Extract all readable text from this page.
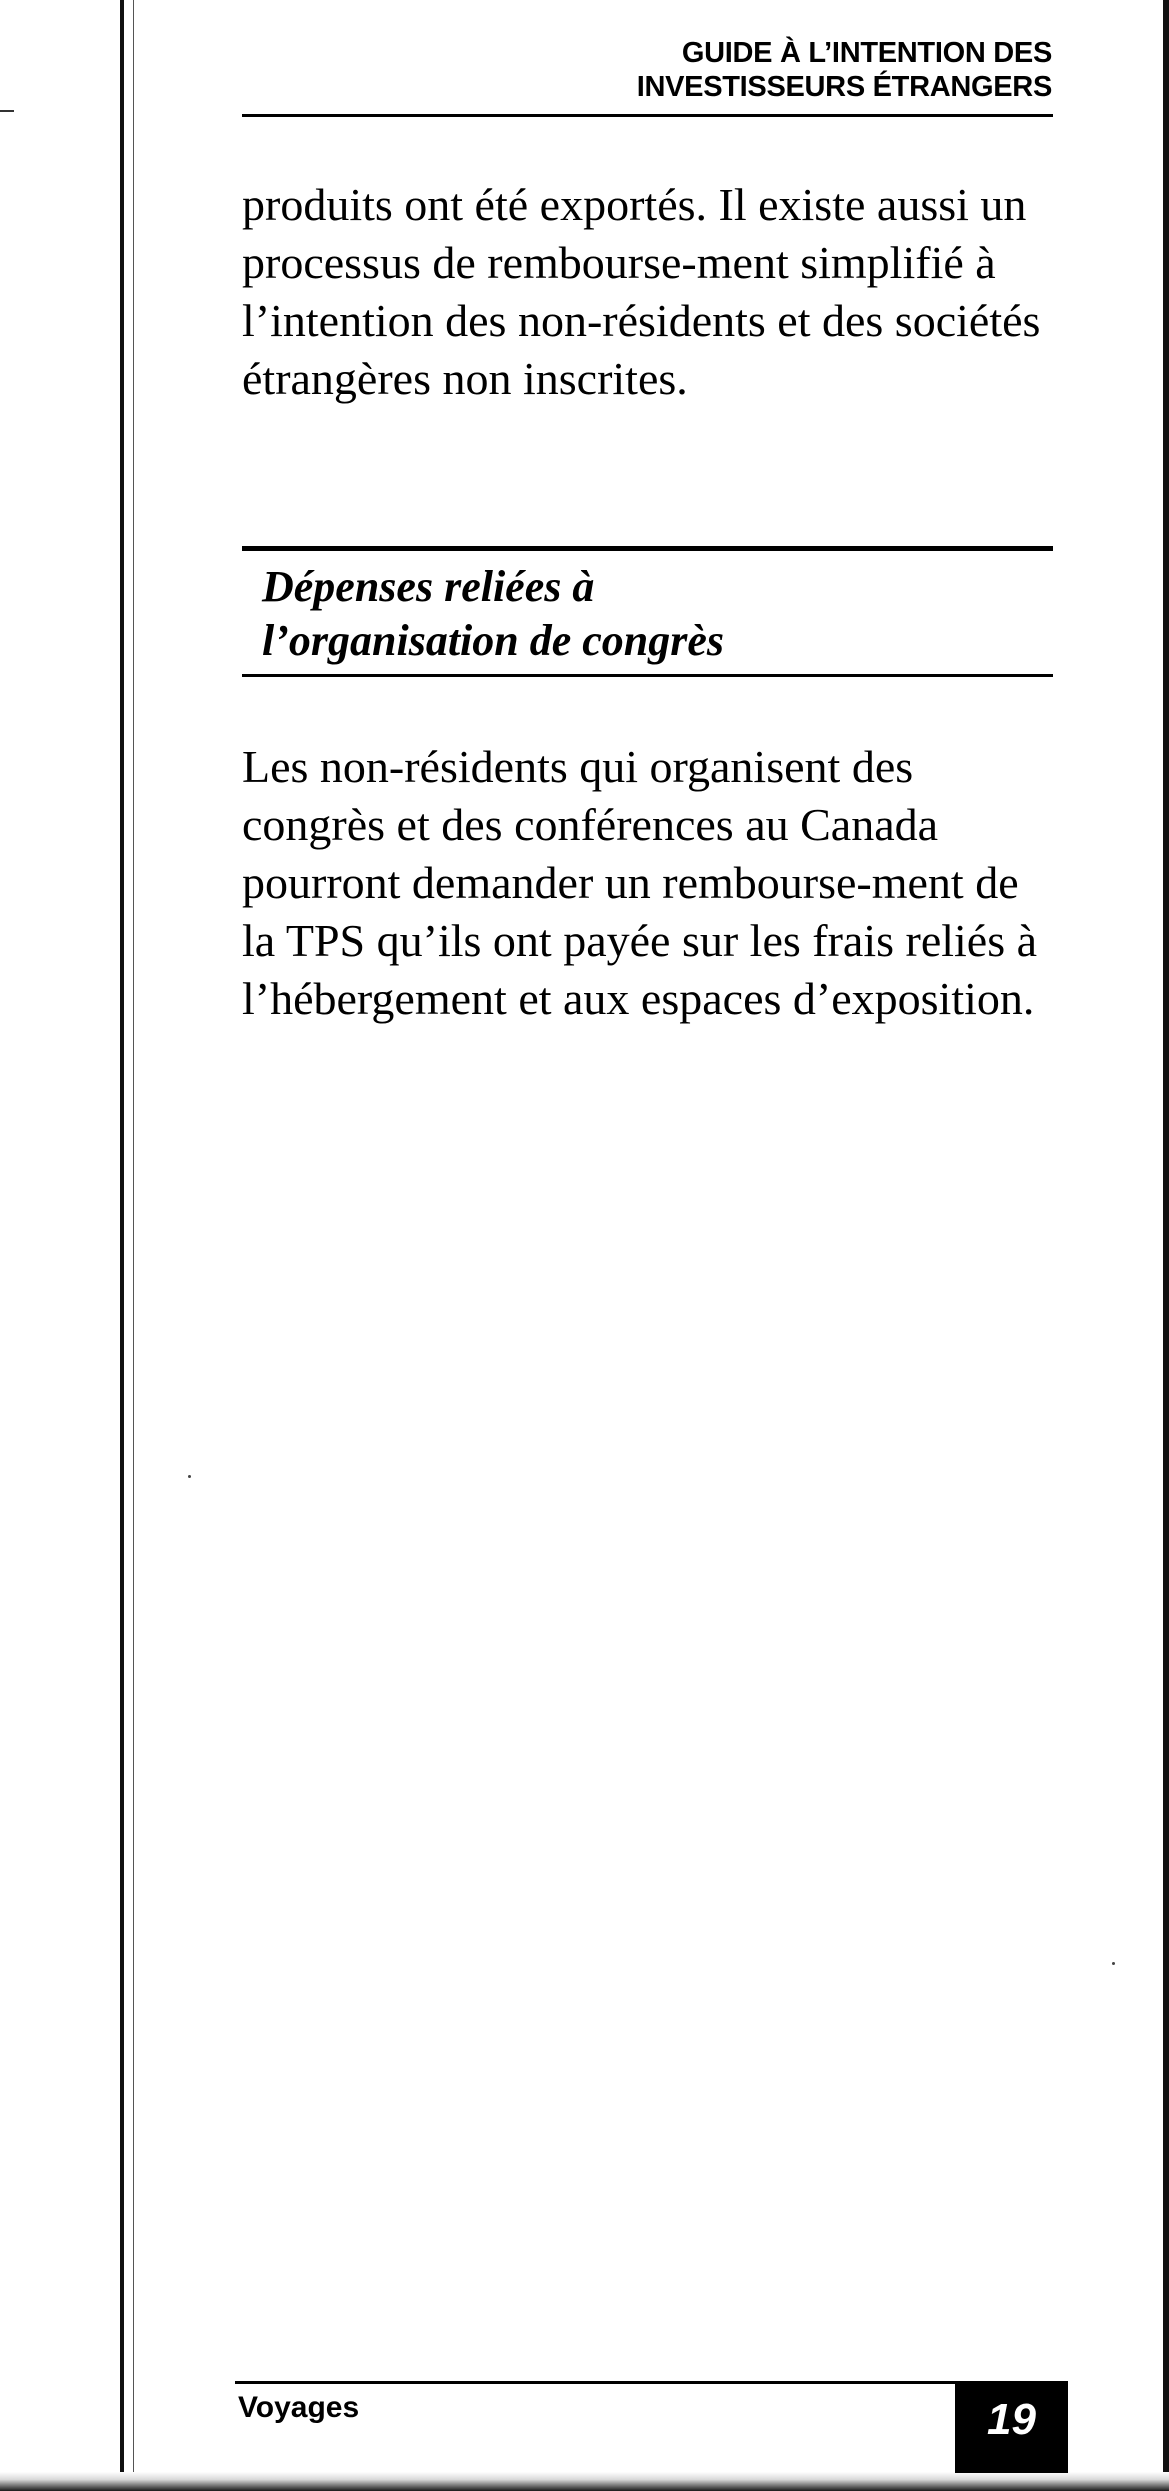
GUIDE À L’INTENTION DES
INVESTISSEURS ÉTRANGERS

produits ont été exportés. Il existe aussi un processus de rembourse-ment simplifié à l’intention des non-résidents et des sociétés étrangères non inscrites.

Dépenses reliées à
l’organisation de congrès

Les non-résidents qui organisent des congrès et des conférences au Canada pourront demander un rembourse-ment de la TPS qu’ils ont payée sur les frais reliés à l’hébergement et aux espaces d’exposition.

Voyages	19
